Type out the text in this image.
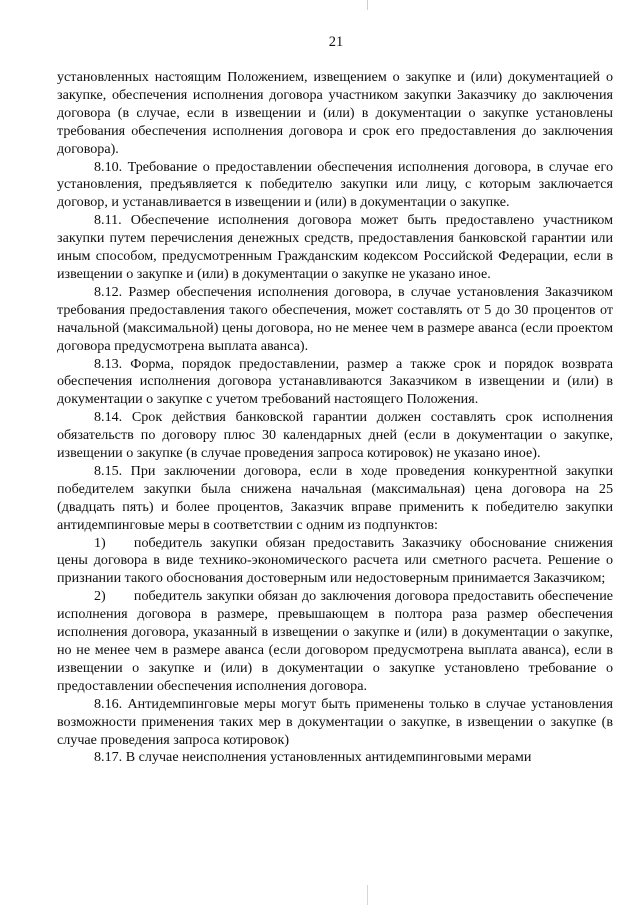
21

установленных настоящим Положением, извещением о закупке и (или) документацией о закупке, обеспечения исполнения договора участником закупки Заказчику до заключения договора (в случае, если в извещении и (или) в документации о закупке установлены требования обеспечения исполнения договора и срок его предоставления до заключения договора).

8.10. Требование о предоставлении обеспечения исполнения договора, в случае его установления, предъявляется к победителю закупки или лицу, с которым заключается договор, и устанавливается в извещении и (или) в документации о закупке.

8.11. Обеспечение исполнения договора может быть предоставлено участником закупки путем перечисления денежных средств, предоставления банковской гарантии или иным способом, предусмотренным Гражданским кодексом Российской Федерации, если в извещении о закупке и (или) в документации о закупке не указано иное.

8.12. Размер обеспечения исполнения договора, в случае установления Заказчиком требования предоставления такого обеспечения, может составлять от 5 до 30 процентов от начальной (максимальной) цены договора, но не менее чем в размере аванса (если проектом договора предусмотрена выплата аванса).

8.13. Форма, порядок предоставлении, размер а также срок и порядок возврата обеспечения исполнения договора устанавливаются Заказчиком в извещении и (или) в документации о закупке с учетом требований настоящего Положения.

8.14. Срок действия банковской гарантии должен составлять срок исполнения обязательств по договору плюс 30 календарных дней (если в документации о закупке, извещении о закупке (в случае проведения запроса котировок) не указано иное).

8.15. При заключении договора, если в ходе проведения конкурентной закупки победителем закупки была снижена начальная (максимальная) цена договора на 25 (двадцать пять) и более процентов, Заказчик вправе применить к победителю закупки антидемпинговые меры в соответствии с одним из подпунктов:

1)  победитель закупки обязан предоставить Заказчику обоснование снижения цены договора в виде технико-экономического расчета или сметного расчета. Решение о признании такого обоснования достоверным или недостоверным принимается Заказчиком;

2)  победитель закупки обязан до заключения договора предоставить обеспечение исполнения договора в размере, превышающем в полтора раза размер обеспечения исполнения договора, указанный в извещении о закупке и (или) в документации о закупке, но не менее чем в размере аванса (если договором предусмотрена выплата аванса), если в извещении о закупке и (или) в документации о закупке установлено требование о предоставлении обеспечения исполнения договора.

8.16. Антидемпинговые меры могут быть применены только в случае установления возможности применения таких мер в документации о закупке, в извещении о закупке (в случае проведения запроса котировок)

8.17. В случае неисполнения установленных антидемпинговыми мерами
